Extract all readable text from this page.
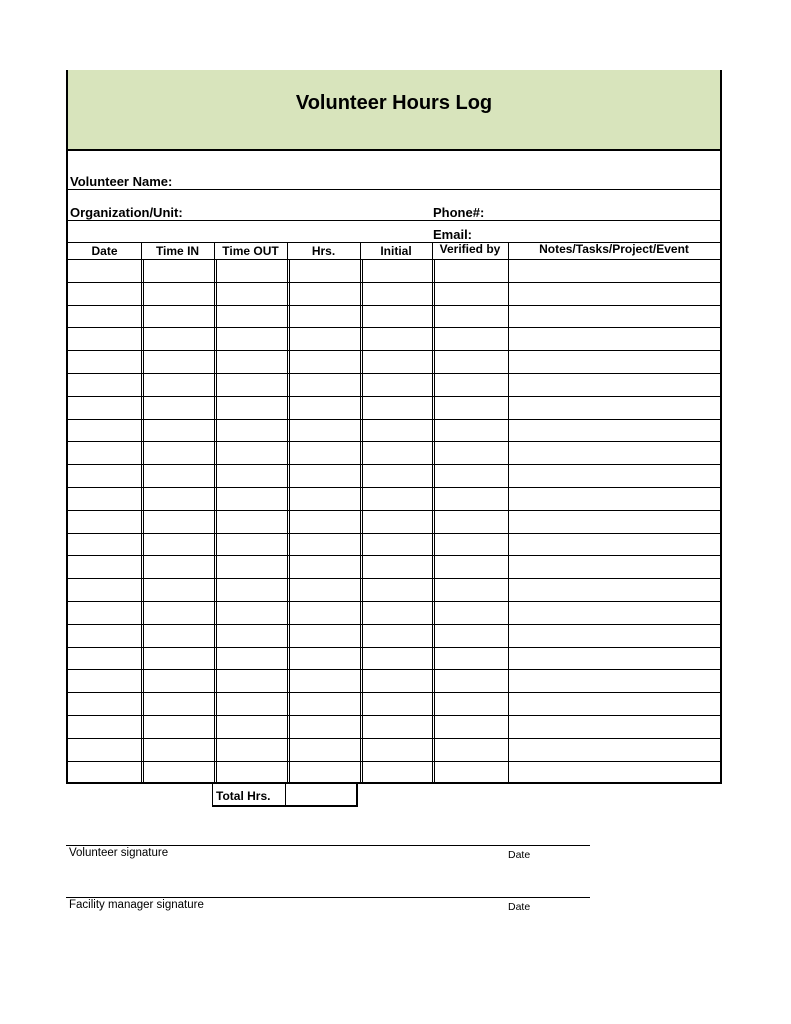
Volunteer Hours Log
Volunteer Name:
Organization/Unit:	Phone#:
Email:
Date	Time IN	Time OUT	Hrs.	Initial	Verified by	Notes/Tasks/Project/Event
Total Hrs.
Volunteer signature	Date
Facility manager signature	Date
